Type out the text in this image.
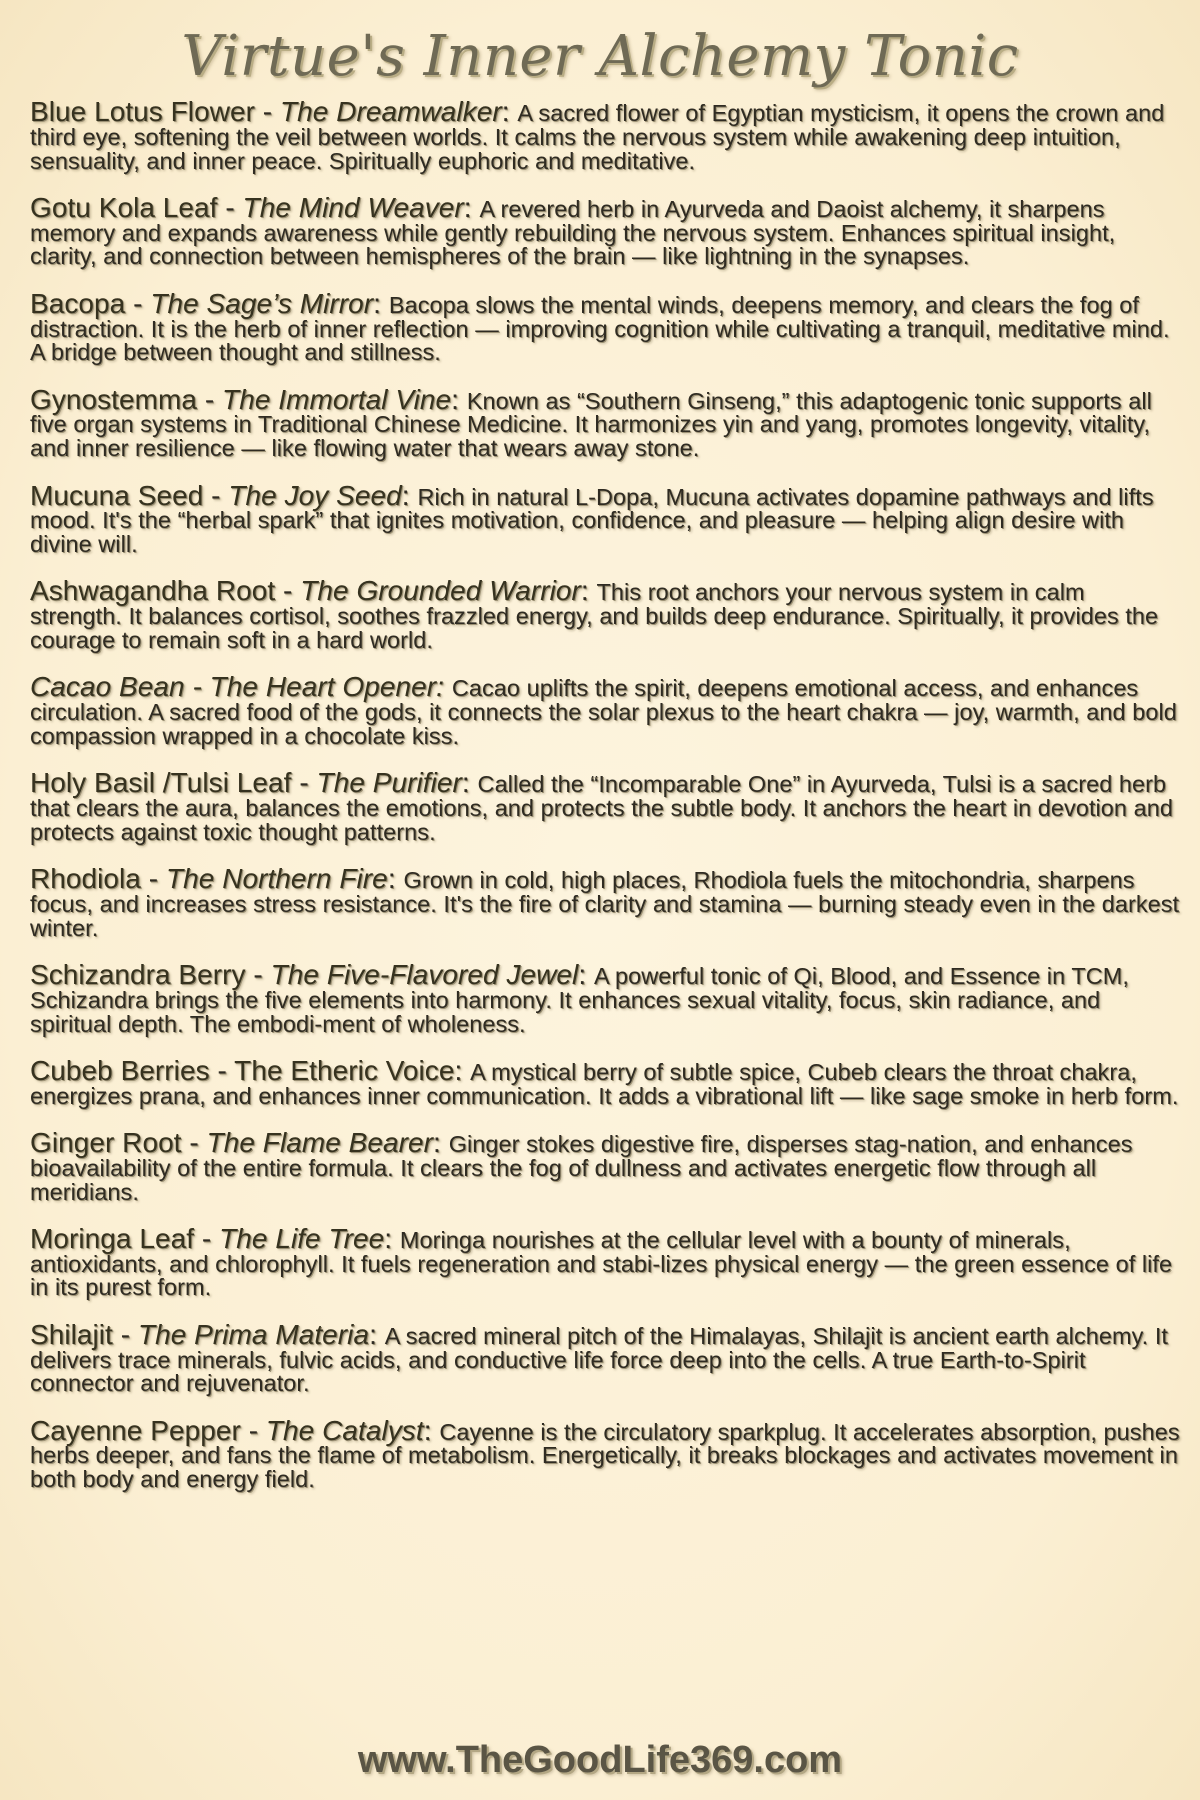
Virtue's Inner Alchemy Tonic
Blue Lotus Flower - The Dreamwalker: A sacred flower of Egyptian mysticism, it opens the crown and third eye, softening the veil between worlds. It calms the nervous system while awakening deep intuition, sensuality, and inner peace. Spiritually euphoric and meditative.
Gotu Kola Leaf - The Mind Weaver: A revered herb in Ayurveda and Daoist alchemy, it sharpens memory and expands awareness while gently rebuilding the nervous system. Enhances spiritual insight, clarity, and connection between hemispheres of the brain — like lightning in the synapses.
Bacopa - The Sage’s Mirror: Bacopa slows the mental winds, deepens memory, and clears the fog of distraction. It is the herb of inner reflection — improving cognition while cultivating a tranquil, meditative mind. A bridge between thought and stillness.
Gynostemma - The Immortal Vine: Known as “Southern Ginseng,” this adaptogenic tonic supports all five organ systems in Traditional Chinese Medicine. It harmonizes yin and yang, promotes longevity, vitality, and inner resilience — like flowing water that wears away stone.
Mucuna Seed - The Joy Seed: Rich in natural L-Dopa, Mucuna activates dopamine pathways and lifts mood. It's the “herbal spark” that ignites motivation, confidence, and pleasure — helping align desire with divine will.
Ashwagandha Root - The Grounded Warrior: This root anchors your nervous system in calm strength. It balances cortisol, soothes frazzled energy, and builds deep endurance. Spiritually, it provides the courage to remain soft in a hard world.
Cacao Bean - The Heart Opener: Cacao uplifts the spirit, deepens emotional access, and enhances circulation. A sacred food of the gods, it connects the solar plexus to the heart chakra — joy, warmth, and bold compassion wrapped in a chocolate kiss.
Holy Basil /Tulsi Leaf - The Purifier: Called the “Incomparable One” in Ayurveda, Tulsi is a sacred herb that clears the aura, balances the emotions, and protects the subtle body. It anchors the heart in devotion and protects against toxic thought patterns.
Rhodiola - The Northern Fire: Grown in cold, high places, Rhodiola fuels the mitochondria, sharpens focus, and increases stress resistance. It's the fire of clarity and stamina — burning steady even in the darkest winter.
Schizandra Berry - The Five-Flavored Jewel: A powerful tonic of Qi, Blood, and Essence in TCM, Schizandra brings the five elements into harmony. It enhances sexual vitality, focus, skin radiance, and spiritual depth. The embodi-ment of wholeness.
Cubeb Berries - The Etheric Voice: A mystical berry of subtle spice, Cubeb clears the throat chakra, energizes prana, and enhances inner communication. It adds a vibrational lift — like sage smoke in herb form.
Ginger Root - The Flame Bearer: Ginger stokes digestive fire, disperses stag-nation, and enhances bioavailability of the entire formula. It clears the fog of dullness and activates energetic flow through all meridians.
Moringa Leaf - The Life Tree: Moringa nourishes at the cellular level with a bounty of minerals, antioxidants, and chlorophyll. It fuels regeneration and stabi-lizes physical energy — the green essence of life in its purest form.
Shilajit - The Prima Materia: A sacred mineral pitch of the Himalayas, Shilajit is ancient earth alchemy. It delivers trace minerals, fulvic acids, and conductive life force deep into the cells. A true Earth-to-Spirit connector and rejuvenator.
Cayenne Pepper - The Catalyst: Cayenne is the circulatory sparkplug. It accelerates absorption, pushes herbs deeper, and fans the flame of metabolism. Energetically, it breaks blockages and activates movement in both body and energy field.
www.TheGoodLife369.com
